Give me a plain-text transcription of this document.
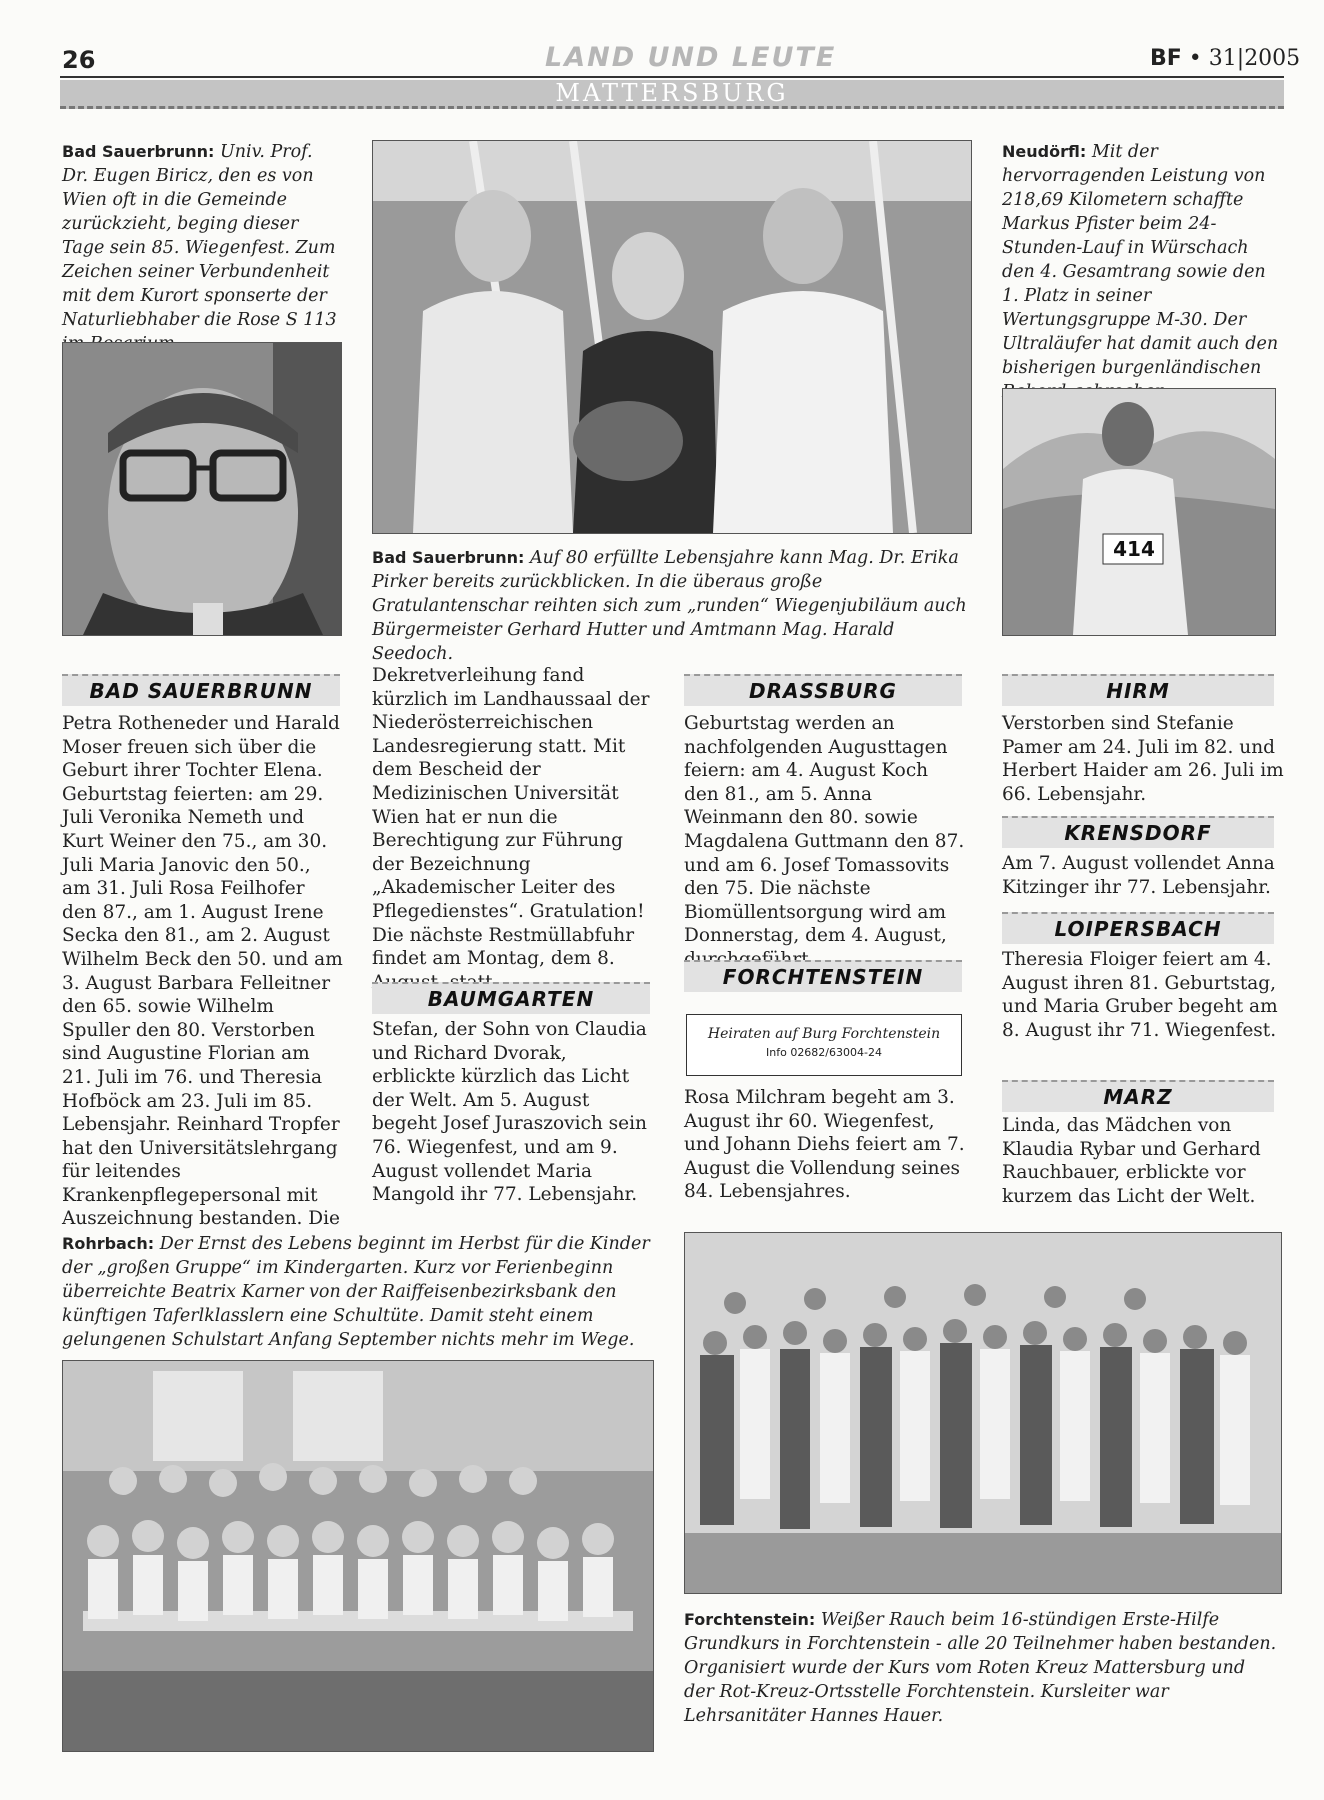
26	LAND UND LEUTE	BF • 31|2005
MATTERSBURG
Bad Sauerbrunn: Univ. Prof. Dr. Eugen Biricz, den es von Wien oft in die Gemeinde zurückzieht, beging dieser Tage sein 85. Wiegenfest. Zum Zeichen seiner Verbundenheit mit dem Kurort sponserte der Naturliebhaber die Rose S 113
Bad Sauerbrunn: Auf 80 erfüllte Lebensjahre kann Mag. Dr. Erika Pirker bereits zurückblicken. In die überaus große Gratulantenschar reihten sich zum „runden“ Wiegenjubiläum auch Bürgermeister Gerhard Hutter und Amtmann Mag. Harald Seedoch.
Neudörfl: Mit der hervorragenden Leistung von 218,69 Kilometern schaffte Markus Pfister beim 24-Stunden-Lauf in Würschach den 4. Gesamtrang sowie den 1. Platz in seiner Wertungsgruppe M-30. Der Ultraläufer hat damit auch den bisherigen burgenländischen
414
BAD SAUERBRUNN
Petra Rotheneder und Harald Moser freuen sich über die Geburt ihrer Tochter Elena. Geburtstag feierten: am 29. Juli Veronika Nemeth und Kurt Weiner den 75., am 30. Juli Maria Janovic den 50., am 31. Juli Rosa Feilhofer den 87., am 1. August Irene Secka den 81., am 2. August Wilhelm Beck den 50. und am 3. August Barbara Felleitner den 65. sowie Wilhelm Spuller den 80. Verstorben sind Augustine Florian am 21. Juli im 76. und Theresia Hofböck am 23. Juli im 85. Lebensjahr. Reinhard Tropfer hat den Universitätslehrgang für leitendes Krankenpflegepersonal mit Auszeichnung bestanden. Die
Dekretverleihung fand kürzlich im Landhaussaal der Niederösterreichischen Landesregierung statt. Mit dem Bescheid der Medizinischen Universität Wien hat er nun die Berechtigung zur Führung der Bezeichnung „Akademischer Leiter des Pflegedienstes“. Gratulation! Die nächste Restmüllabfuhr findet am Montag, dem 8.
BAUMGARTEN
Stefan, der Sohn von Claudia und Richard Dvorak, erblickte kürzlich das Licht der Welt. Am 5. August begeht Josef Juraszovich sein 76. Wiegenfest, und am 9. August vollendet Maria Mangold ihr 77. Lebensjahr.
DRASSBURG
Geburtstag werden an nachfolgenden Augusttagen feiern: am 4. August Koch den 81., am 5. Anna Weinmann den 80. sowie Magdalena Guttmann den 87. und am 6. Josef Tomassovits den 75. Die nächste Biomüllentsorgung wird am Donnerstag, dem 4. August,
FORCHTENSTEIN
Heiraten auf Burg Forchtenstein
Info 02682/63004-24
Rosa Milchram begeht am 3. August ihr 60. Wiegenfest, und Johann Diehs feiert am 7. August die Vollendung seines 84. Lebensjahres.
HIRM
Verstorben sind Stefanie Pamer am 24. Juli im 82. und Herbert Haider am 26. Juli im 66. Lebensjahr.
KRENSDORF
Am 7. August vollendet Anna Kitzinger ihr 77. Lebensjahr.
LOIPERSBACH
Theresia Floiger feiert am 4. August ihren 81. Geburtstag, und Maria Gruber begeht am 8. August ihr 71. Wiegenfest.
MARZ
Linda, das Mädchen von Klaudia Rybar und Gerhard Rauchbauer, erblickte vor kurzem das Licht der Welt.
Rohrbach: Der Ernst des Lebens beginnt im Herbst für die Kinder der „großen Gruppe“ im Kindergarten. Kurz vor Ferienbeginn überreichte Beatrix Karner von der Raiffeisenbezirksbank den künftigen Taferlklasslern eine Schultüte. Damit steht einem gelungenen Schulstart Anfang September nichts mehr im Wege.
Forchtenstein: Weißer Rauch beim 16-stündigen Erste-Hilfe Grundkurs in Forchtenstein - alle 20 Teilnehmer haben bestanden. Organisiert wurde der Kurs vom Roten Kreuz Mattersburg und der Rot-Kreuz-Ortsstelle Forchtenstein. Kursleiter war Lehrsanitäter Hannes Hauer.
